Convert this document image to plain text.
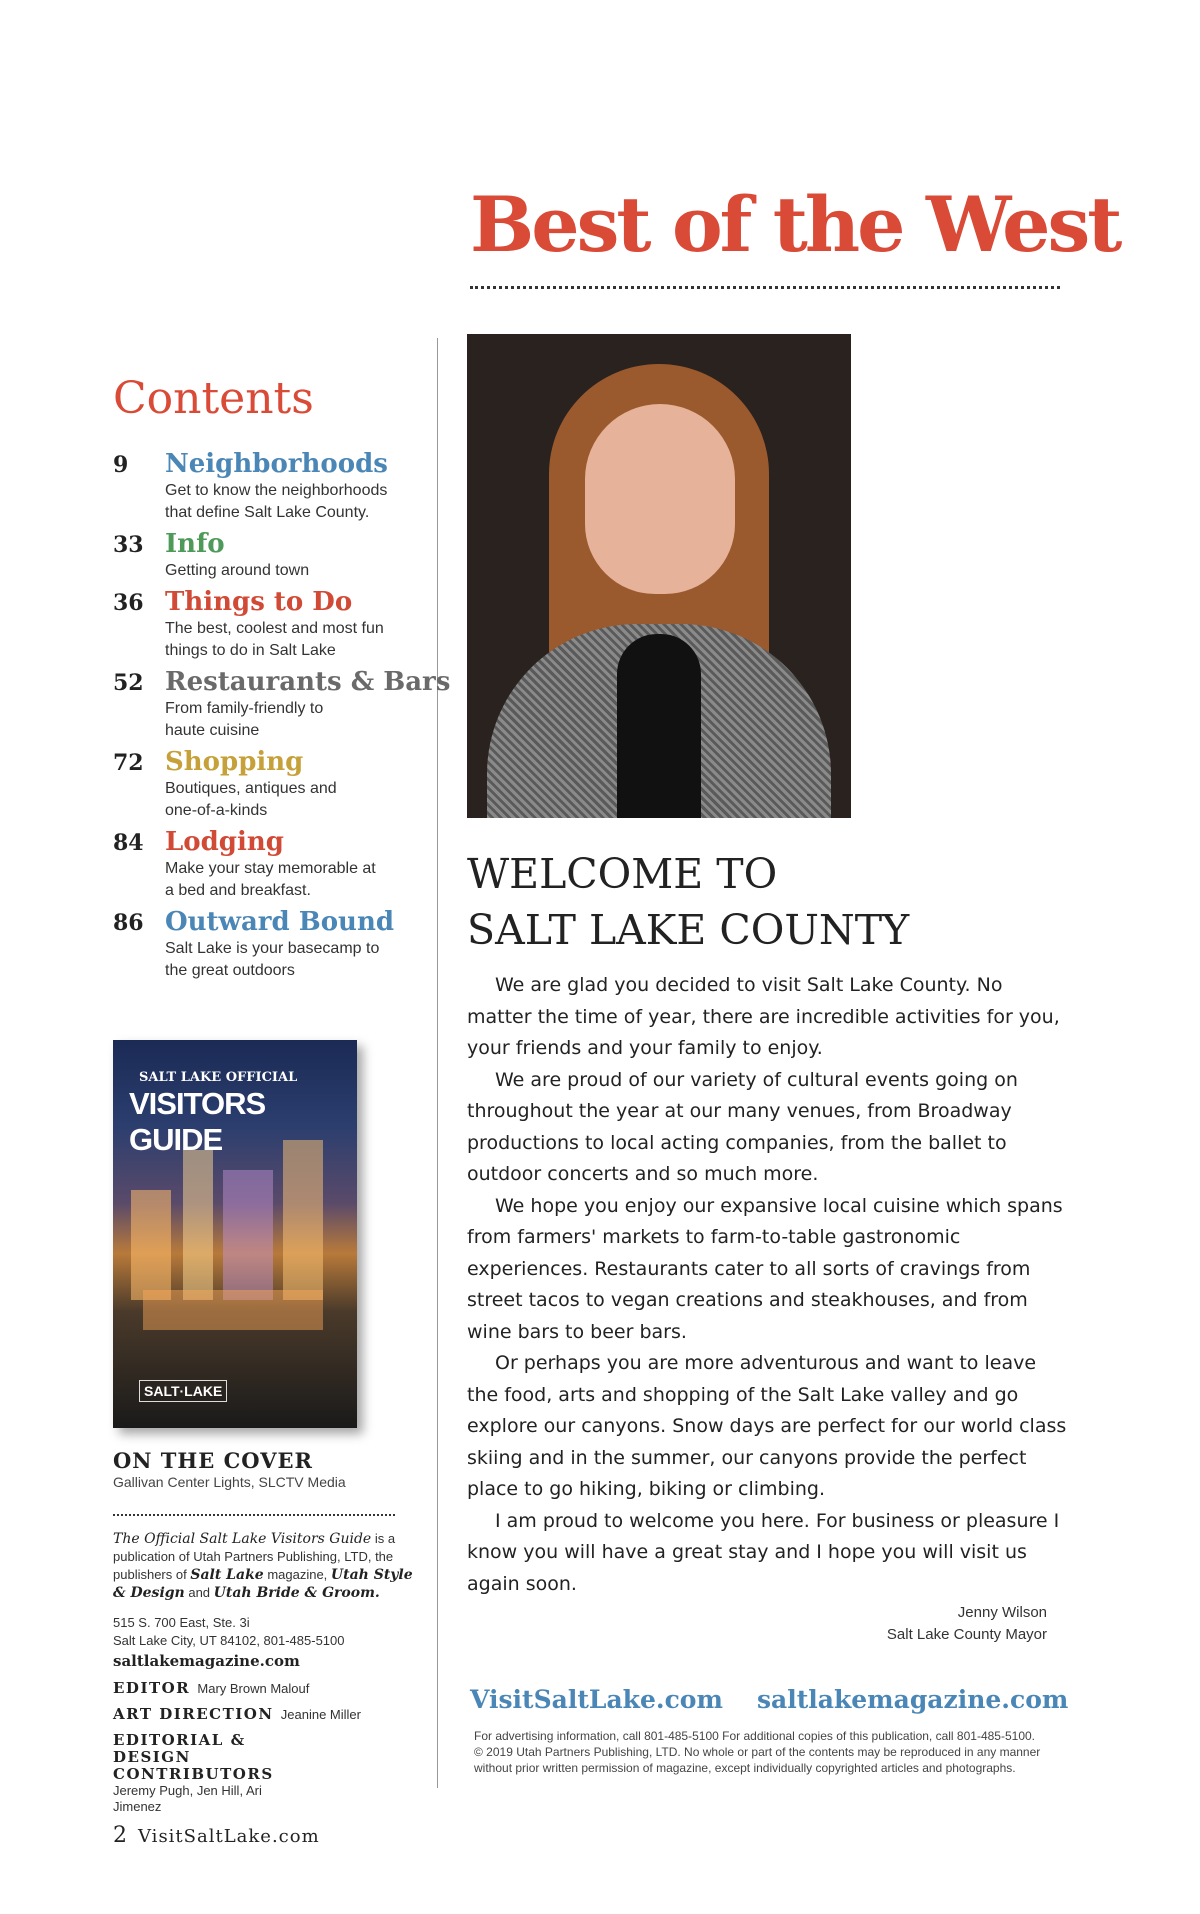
Best of the West
Contents
9 Neighborhoods
Get to know the neighborhoods that define Salt Lake County.
33 Info
Getting around town
36 Things to Do
The best, coolest and most fun things to do in Salt Lake
52 Restaurants & Bars
From family-friendly to haute cuisine
72 Shopping
Boutiques, antiques and one-of-a-kinds
84 Lodging
Make your stay memorable at a bed and breakfast.
86 Outward Bound
Salt Lake is your basecamp to the great outdoors
SALT LAKE OFFICIAL
VISITORS GUIDE
SALT·LAKE
ON THE COVER
Gallivan Center Lights, SLCTV Media
The Official Salt Lake Visitors Guide is a publication of Utah Partners Publishing, LTD, the publishers of Salt Lake magazine, Utah Style & Design and Utah Bride & Groom.
515 S. 700 East, Ste. 3i
Salt Lake City, UT 84102, 801-485-5100
saltlakemagazine.com
EDITOR Mary Brown Malouf
ART DIRECTION Jeanine Miller
EDITORIAL & DESIGN CONTRIBUTORS Jeremy Pugh, Jen Hill, Ari Jimenez
2 VisitSaltLake.com
WELCOME TO
SALT LAKE COUNTY

We are glad you decided to visit Salt Lake County. No matter the time of year, there are incredible activities for you, your friends and your family to enjoy.

We are proud of our variety of cultural events going on throughout the year at our many venues, from Broadway productions to local acting companies, from the ballet to outdoor concerts and so much more.

We hope you enjoy our expansive local cuisine which spans from farmers' markets to farm-to-table gastronomic experiences. Restaurants cater to all sorts of cravings from street tacos to vegan creations and steakhouses, and from wine bars to beer bars.

Or perhaps you are more adventurous and want to leave the food, arts and shopping of the Salt Lake valley and go explore our canyons. Snow days are perfect for our world class skiing and in the summer, our canyons provide the perfect place to go hiking, biking or climbing.

I am proud to welcome you here. For business or pleasure I know you will have a great stay and I hope you will visit us again soon.

Jenny Wilson
Salt Lake County Mayor
VisitSaltLake.com saltlakemagazine.com
For advertising information, call 801-485-5100 For additional copies of this publication, call 801-485-5100.
© 2019 Utah Partners Publishing, LTD. No whole or part of the contents may be reproduced in any manner without prior written permission of magazine, except individually copyrighted articles and photographs.
